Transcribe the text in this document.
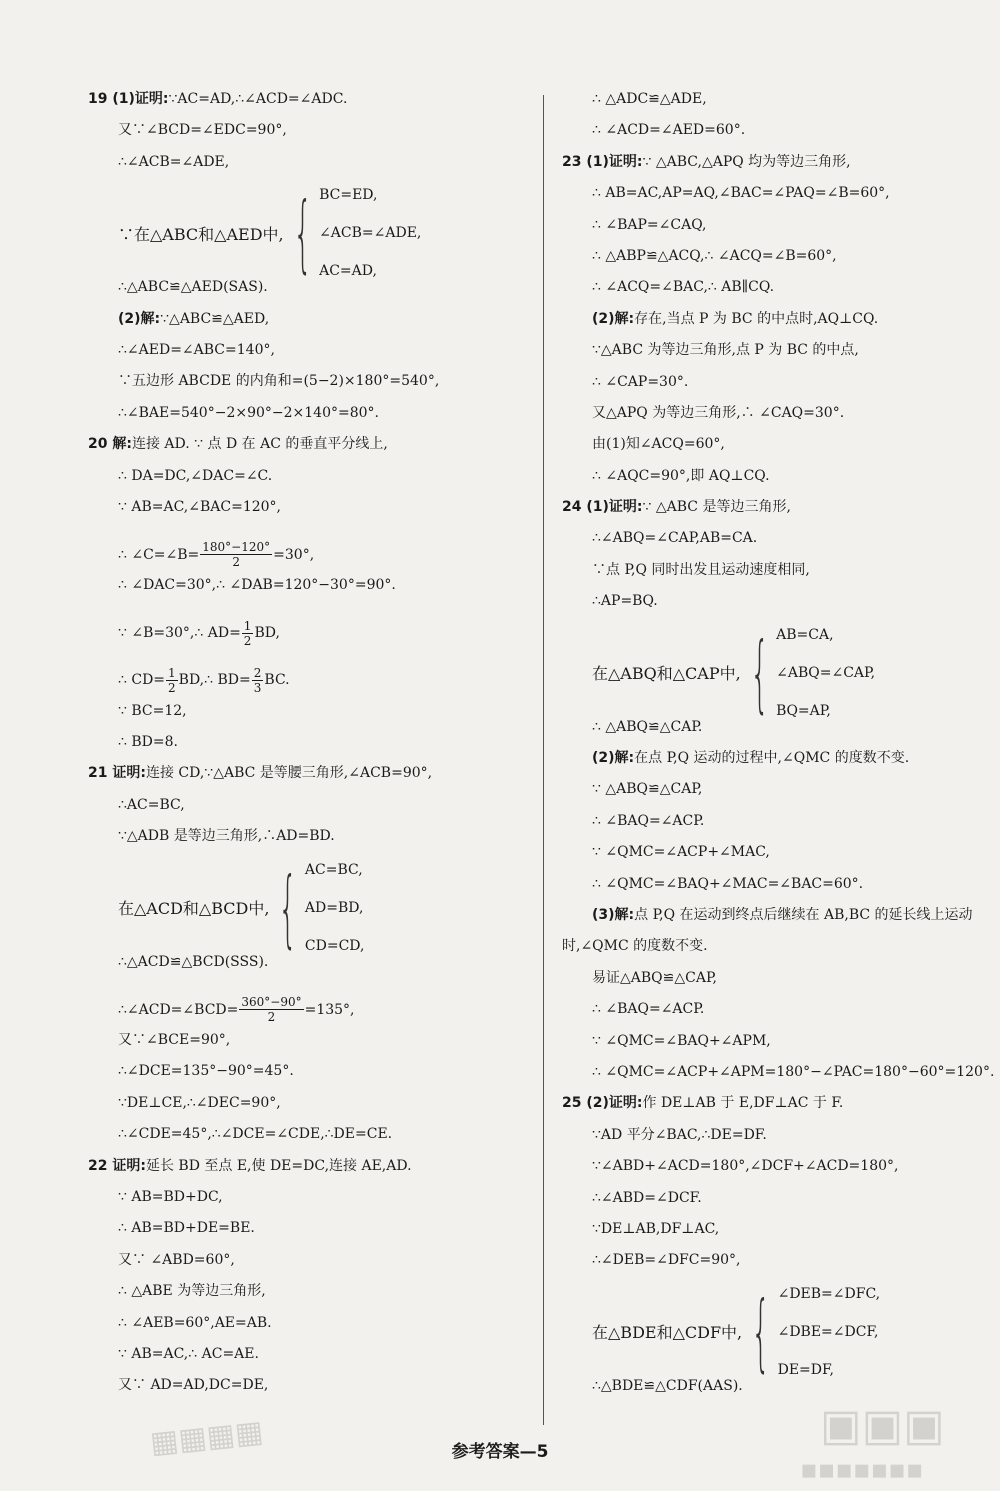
19 (1)证明:∵AC=AD,∴∠ACD=∠ADC.
又∵∠BCD=∠EDC=90°,
∴∠ACB=∠ADE,
∵在△ABC和△AED中, { BC=ED,
∠ACB=∠ADE,
AC=AD,
∴△ABC≌△AED(SAS).
(2)解:∵△ABC≌△AED,
∴∠AED=∠ABC=140°,
∵五边形 ABCDE 的内角和=(5−2)×180°=540°,
∴∠BAE=540°−2×90°−2×140°=80°.
20 解:连接 AD. ∵ 点 D 在 AC 的垂直平分线上,
∴ DA=DC,∠DAC=∠C.
∵ AB=AC,∠BAC=120°,
∴ ∠C=∠B= $\frac{180^\circ-120^\circ}{2} =30^\circ$,
∴ ∠DAC=30°,∴ ∠DAB=120°−30°=90°.
∵ ∠B=30°,∴ $AD= \frac{1}{2}$ BD,
∴ $CD= \frac{1}{2}$ BD,∴ $BD= \frac{2}{3}$ BC.
∵ BC=12,
∴ BD=8.
21 证明:连接 CD,∵△ABC 是等腰三角形,∠ACB=90°,
∴AC=BC,
∵△ADB 是等边三角形,∴AD=BD.
在△ACD和△BCD中, { AC=BC,
AD=BD,
CD=CD,
∴△ACD≌△BCD(SSS).
∴∠ACD=∠BCD= $\frac{360^\circ-90^\circ}{2} =135^\circ$,
又∵∠BCE=90°,
∴∠DCE=135°−90°=45°.
∵DE⊥CE,∴∠DEC=90°,
∴∠CDE=45°,∴∠DCE=∠CDE,∴DE=CE.
22 证明:延长 BD 至点 E,使 DE=DC,连接 AE,AD.
∵ AB=BD+DC,
∴ AB=BD+DE=BE.
又∵ ∠ABD=60°,
∴ △ABE 为等边三角形,
∴ ∠AEB=60°,AE=AB.
∵ AB=AC,∴ AC=AE.
又∵ AD=AD,DC=DE,
∴ △ADC≌△ADE,
∴ ∠ACD=∠AED=60°.
23 (1)证明:∵ △ABC,△APQ 均为等边三角形,
∴ AB=AC,AP=AQ,∠BAC=∠PAQ=∠B=60°,
∴ ∠BAP=∠CAQ,
∴ △ABP≌△ACQ,∴ ∠ACQ=∠B=60°,
∴ ∠ACQ=∠BAC,∴ AB∥CQ.
(2)解:存在,当点 P 为 BC 的中点时,AQ⊥CQ.
∵△ABC 为等边三角形,点 P 为 BC 的中点,
∴ ∠CAP=30°.
又△APQ 为等边三角形,∴ ∠CAQ=30°.
由(1)知∠ACQ=60°,
∴ ∠AQC=90°,即 AQ⊥CQ.
24 (1)证明:∵ △ABC 是等边三角形,
∴∠ABQ=∠CAP,AB=CA.
∵点 P,Q 同时出发且运动速度相同,
∴AP=BQ.
在△ABQ和△CAP中, { AB=CA,
∠ABQ=∠CAP,
BQ=AP,
∴ △ABQ≌△CAP.
(2)解:在点 P,Q 运动的过程中,∠QMC 的度数不变.
∵ △ABQ≌△CAP,
∴ ∠BAQ=∠ACP.
∵ ∠QMC=∠ACP+∠MAC,
∴ ∠QMC=∠BAQ+∠MAC=∠BAC=60°.
(3)解:点 P,Q 在运动到终点后继续在 AB,BC 的延长线上运动
时,∠QMC 的度数不变.
易证△ABQ≌△CAP,
∴ ∠BAQ=∠ACP.
∵ ∠QMC=∠BAQ+∠APM,
∴ ∠QMC=∠ACP+∠APM=180°−∠PAC=180°−60°=120°.
25 (2)证明:作 DE⊥AB 于 E,DF⊥AC 于 F.
∵AD 平分∠BAC,∴DE=DF.
∵∠ABD+∠ACD=180°,∠DCF+∠ACD=180°,
∴∠ABD=∠DCF.
∵DE⊥AB,DF⊥AC,
∴∠DEB=∠DFC=90°,
在△BDE和△CDF中, { ∠DEB=∠DFC,
∠DBE=∠DCF,
DE=DF,
∴△BDE≌△CDF(AAS).
参考答案—5
▦▦▦▦	▣▣▣
▪▪▪▪▪▪▪
